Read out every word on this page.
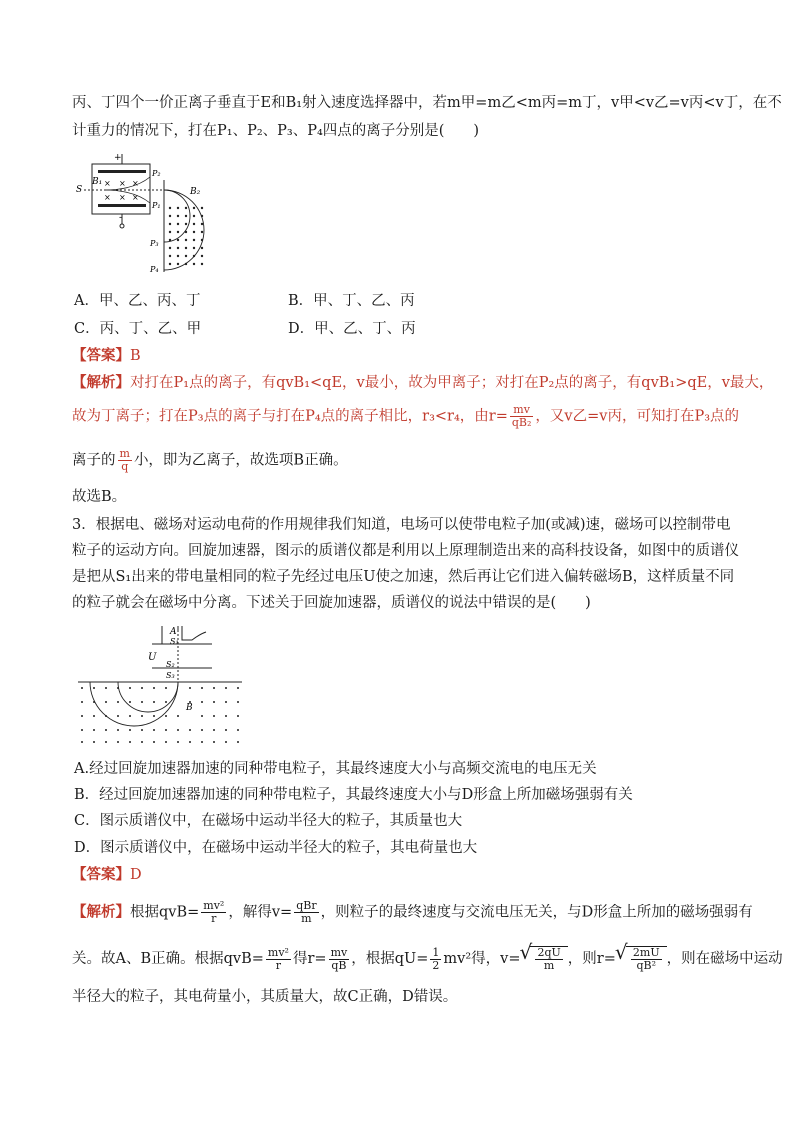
丙、丁四个一价正离子垂直于E和B₁射入速度选择器中，若m甲=m乙<m丙=m丁，v甲<v乙=v丙<v丁，在不
计重力的情况下，打在P₁、P₂、P₃、P₄四点的离子分别是(　　)
+
-
× × ×
× × ×
S
B₁
P₂
P₁
B₂
P₃
P₄
A．甲、乙、丙、丁	B．甲、丁、乙、丙
C．丙、丁、乙、甲	D．甲、乙、丁、丙
【答案】B
【解析】对打在P₁点的离子，有qvB₁<qE，v最小，故为甲离子；对打在P₂点的离子，有qvB₁>qE，v最大，
故为丁离子；打在P₃点的离子与打在P₄点的离子相比，r₃<r₄，由$r= \frac{mv}{\text{qB₂}}$ ，又v乙=v丙，可知打在P₃点的
离子的 $\frac{m}{q}$ 小，即为乙离子，故选项B正确。
故选B。
3．根据电、磁场对运动电荷的作用规律我们知道，电场可以使带电粒子加(或减)速，磁场可以控制带电
粒子的运动方向。回旋加速器，图示的质谱仪都是利用以上原理制造出来的高科技设备，如图中的质谱仪
是把从S₁出来的带电量相同的粒子先经过电压U使之加速，然后再让它们进入偏转磁场B，这样质量不同
的粒子就会在磁场中分离。下述关于回旋加速器，质谱仪的说法中错误的是(　　)
A
S₁
U
S₂
S₃
B
A.经过回旋加速器加速的同种带电粒子，其最终速度大小与高频交流电的电压无关
B．经过回旋加速器加速的同种带电粒子，其最终速度大小与D形盒上所加磁场强弱有关
C．图示质谱仪中，在磁场中运动半径大的粒子，其质量也大
D．图示质谱仪中，在磁场中运动半径大的粒子，其电荷量也大
【答案】D
【解析】根据$qvB= \frac{\text{mv²}}{r}$ ，解得$v= \frac{\text{qBr}}{m}$ ，则粒子的最终速度与交流电压无关，与D形盒上所加的磁场强弱有
关。故A、B正确。根据$qvB= \frac{\text{mv²}}{r}$ 得$r= \frac{mv}{qB}$ ，根据$qU= \frac{1}{2} mv^2$得，v= √ $\frac{2qU}{m}$ ，则r= √ $\frac{2mU}{\text{qB²}}$ ，则在磁场中运动
半径大的粒子，其电荷量小，其质量大，故C正确，D错误。
